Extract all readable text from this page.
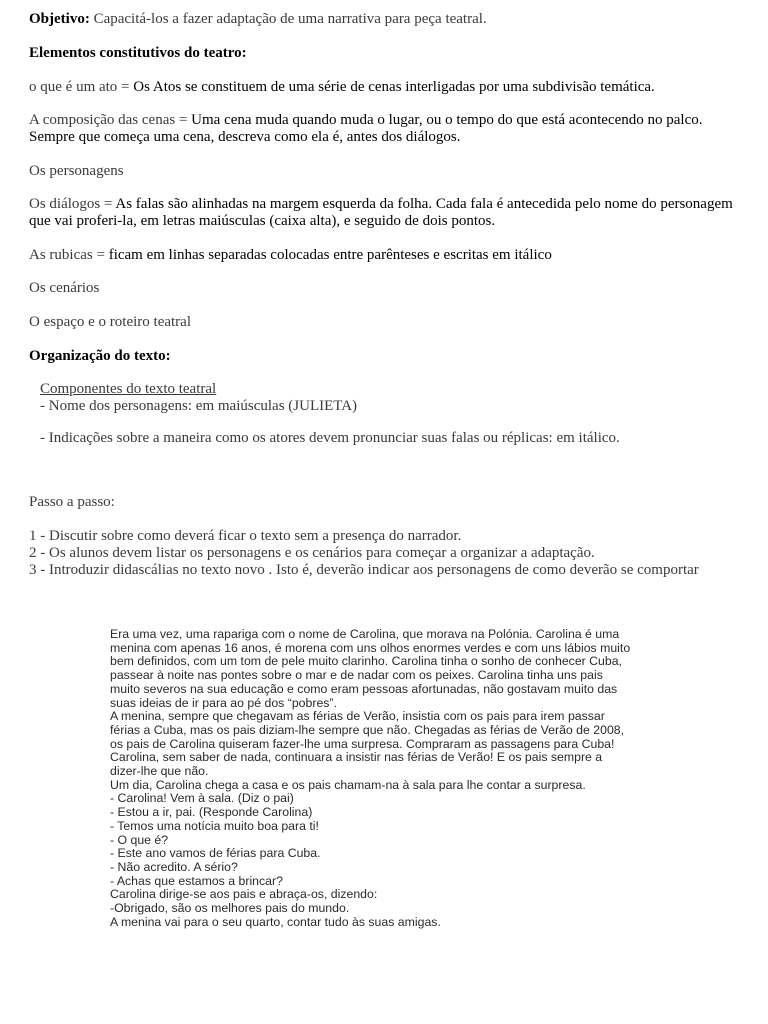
Objetivo: Capacitá-los a fazer adaptação de uma narrativa para peça teatral.
Elementos constitutivos do teatro:
o que é um ato = Os Atos se constituem de uma série de cenas interligadas por uma subdivisão temática.
A composição das cenas = Uma cena muda quando muda o lugar, ou o tempo do que está acontecendo no palco. Sempre que começa uma cena, descreva como ela é, antes dos diálogos.
Os personagens
Os diálogos = As falas são alinhadas na margem esquerda da folha. Cada fala é antecedida pelo nome do personagem que vai proferi-la, em letras maiúsculas (caixa alta), e seguido de dois pontos.
As rubicas = ficam em linhas separadas colocadas entre parênteses e escritas em itálico
Os cenários
O espaço e o roteiro teatral
Organização do texto:
Componentes do texto teatral
- Nome dos personagens: em maiúsculas (JULIETA)
- Indicações sobre a maneira como os atores devem pronunciar suas falas ou réplicas: em itálico.
Passo a passo:
1 - Discutir sobre como deverá ficar o texto sem a presença do narrador.
2 - Os alunos devem listar os personagens e os cenários para começar a organizar a adaptação.
3 - Introduzir didascálias no texto novo . Isto é, deverão indicar aos personagens de como deverão se comportar
Era uma vez, uma rapariga com o nome de Carolina, que morava na Polónia. Carolina é uma
menina com apenas 16 anos, é morena com uns olhos enormes verdes e com uns lábios muito
bem definidos, com um tom de pele muito clarinho. Carolina tinha o sonho de conhecer Cuba,
passear à noite nas pontes sobre o mar e de nadar com os peixes. Carolina tinha uns pais
muito severos na sua educação e como eram pessoas afortunadas, não gostavam muito das
suas ideias de ir para ao pé dos “pobres”.
A menina, sempre que chegavam as férias de Verão, insistia com os pais para irem passar
férias a Cuba, mas os pais diziam-lhe sempre que não. Chegadas as férias de Verão de 2008,
os pais de Carolina quiseram fazer-lhe uma surpresa. Compraram as passagens para Cuba!
Carolina, sem saber de nada, continuara a insistir nas férias de Verão! E os pais sempre a
dizer-lhe que não.
Um dia, Carolina chega a casa e os pais chamam-na à sala para lhe contar a surpresa.
- Carolina! Vem à sala. (Diz o pai)
- Estou a ir, pai. (Responde Carolina)
- Temos uma notícia muito boa para ti!
- O que é?
- Este ano vamos de férias para Cuba.
- Não acredito. A sério?
- Achas que estamos a brincar?
Carolina dirige-se aos pais e abraça-os, dizendo:
-Obrigado, são os melhores pais do mundo.
A menina vai para o seu quarto, contar tudo às suas amigas.
